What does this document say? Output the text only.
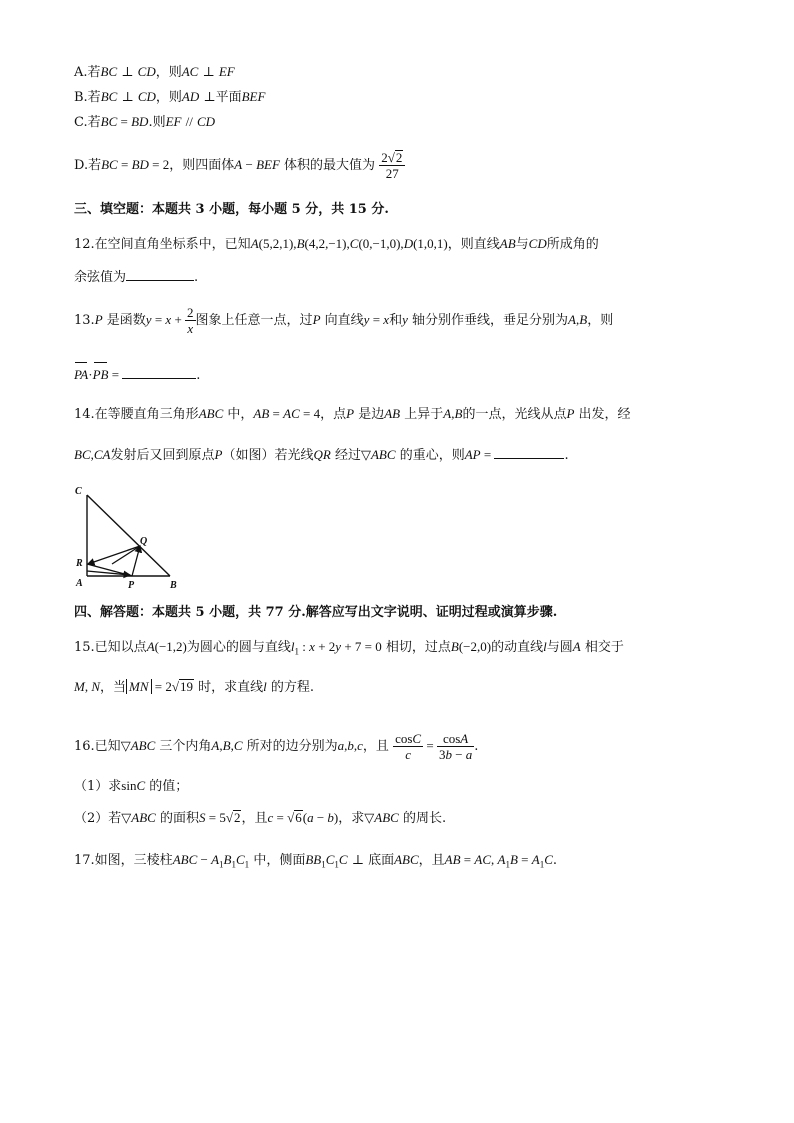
A.若BC ⊥ CD，则AC ⊥ EF
B.若BC ⊥ CD，则AD ⊥平面BEF
C.若BC = BD.则EF // CD
D.若BC = BD = 2，则四面体A − BEF 体积的最大值为 $\frac{2√2}{27}$
三、填空题：本题共 3 小题，每小题 5 分，共 15 分.
12.在空间直角坐标系中，已知A(5,2,1),B(4,2,−1),C(0,−1,0),D(1,0,1)，则直线AB与CD所成角的
余弦值为	.
13.P 是函数$y = x + \frac{2}{x}$ 图象上任意一点，过P 向直线y = x和y 轴分别作垂线，垂足分别为A,B，则
PA·PB =	.
14.在等腰直角三角形ABC 中，AB = AC = 4，点P 是边AB 上异于A,B的一点，光线从点P 出发，经
BC,CA发射后又回到原点P（如图）若光线QR 经过▽ABC 的重心，则AP =	.
C
Q
R
A	P	B
四、解答题：本题共 5 小题，共 77 分.解答应写出文字说明、证明过程或演算步骤.
15.已知以点A(−1,2)为圆心的圆与直线$l_1$ : x + 2y + 7 = 0 相切，过点B(−2,0)的动直线l与圆A 相交于
M, N，当 MN = 2√19 时，求直线l 的方程.
16.已知▽ABC 三个内角A,B,C 所对的边分别为a,b,c，且 $\frac{\cos C}{c} = \frac{\cos A}{3b - a}$ .
（1）求sinC 的值；
（2）若▽ABC 的面积S = 5√2，且c = √6(a − b)，求▽ABC 的周长.
17.如图，三棱柱ABC − $A_1B_1C_1$ 中，侧面$BB_1C_1C$ ⊥ 底面ABC，且AB = AC, $A_1B = A_1C$.
